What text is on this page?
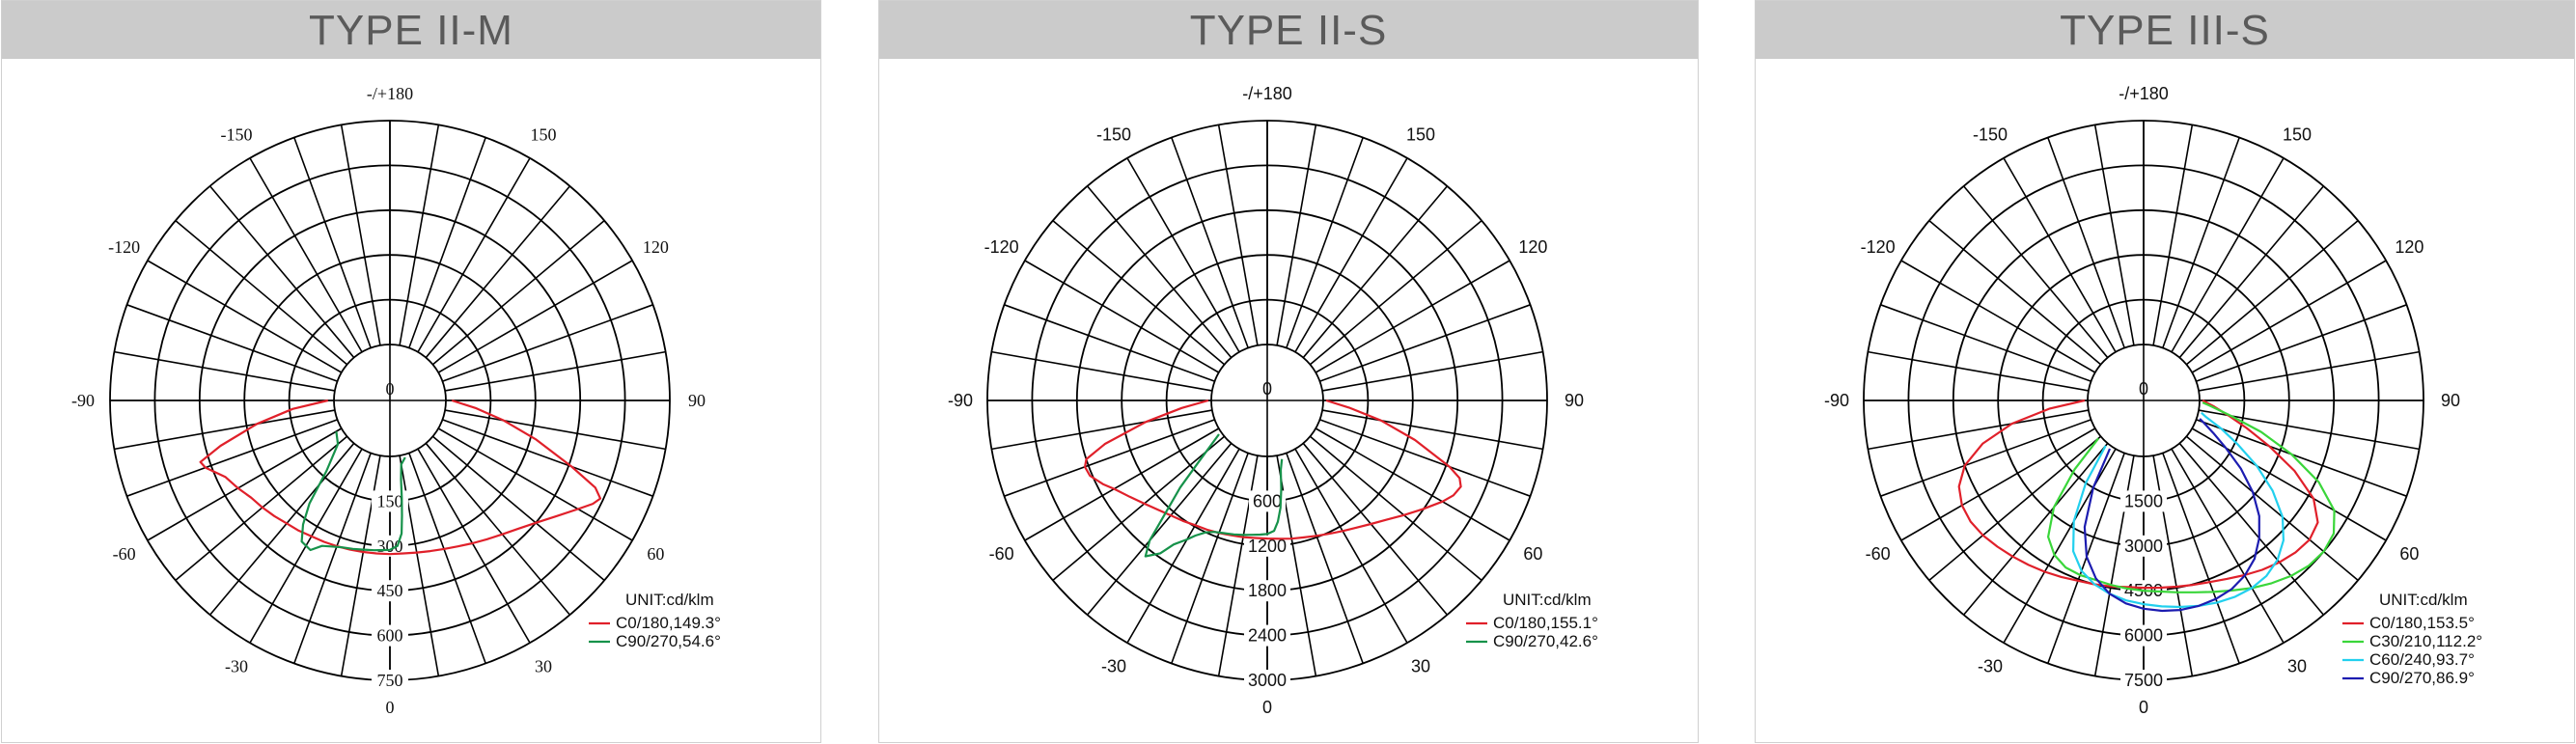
TYPE II-M
0
150
300
450
600
750
-/+180
150
120
90
60
30
0
-30
-60
-90
-120
-150
UNIT:cd/klm
C0/180,149.3°
C90/270,54.6°
TYPE II-S
0
600
1200
1800
2400
3000
-/+180
150
120
90
60
30
0
-30
-60
-90
-120
-150
UNIT:cd/klm
C0/180,155.1°
C90/270,42.6°
TYPE III-S
0
1500
3000
4500
6000
7500
-/+180
150
120
90
60
30
0
-30
-60
-90
-120
-150
UNIT:cd/klm
C0/180,153.5°
C30/210,112.2°
C60/240,93.7°
C90/270,86.9°
